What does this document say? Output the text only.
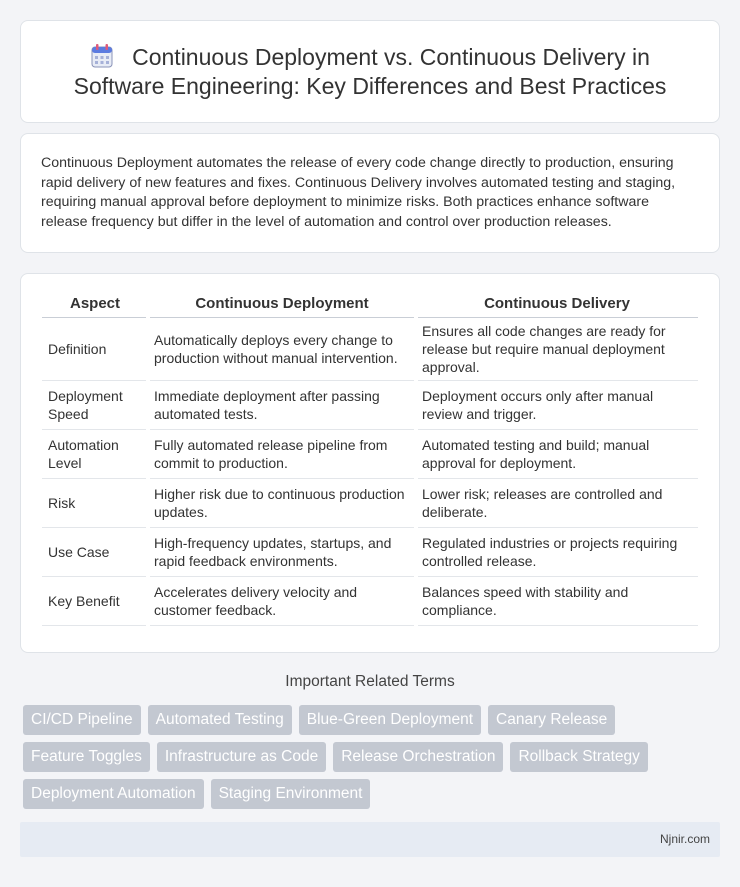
Continuous Deployment vs. Continuous Delivery in
Software Engineering: Key Differences and Best Practices

Continuous Deployment automates the release of every code change directly to production, ensuring rapid delivery of new features and fixes. Continuous Delivery involves automated testing and staging, requiring manual approval before deployment to minimize risks. Both practices enhance software release frequency but differ in the level of automation and control over production releases.

Aspect	Continuous Deployment	Continuous Delivery
Definition	Automatically deploys every change to production without manual intervention.	Ensures all code changes are ready for release but require manual deployment approval.
Deployment Speed	Immediate deployment after passing automated tests.	Deployment occurs only after manual review and trigger.
Automation Level	Fully automated release pipeline from commit to production.	Automated testing and build; manual approval for deployment.
Risk	Higher risk due to continuous production updates.	Lower risk; releases are controlled and deliberate.
Use Case	High-frequency updates, startups, and rapid feedback environments.	Regulated industries or projects requiring controlled release.
Key Benefit	Accelerates delivery velocity and customer feedback.	Balances speed with stability and compliance.
Important Related Terms
CI/CD Pipeline	Automated Testing	Blue-Green Deployment	Canary Release
Feature Toggles	Infrastructure as Code	Release Orchestration	Rollback Strategy
Deployment Automation	Staging Environment
Njnir.com
